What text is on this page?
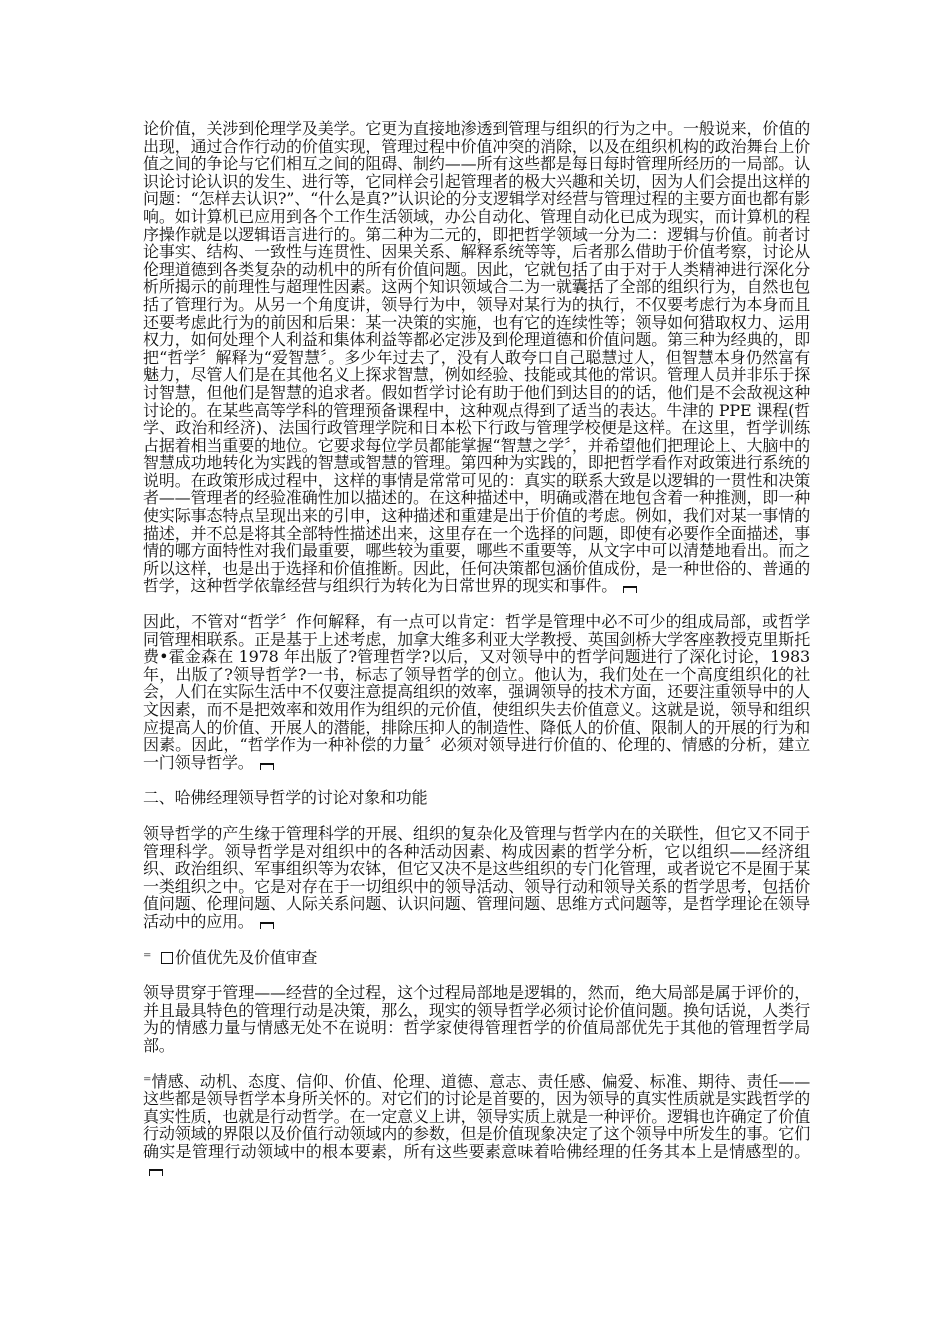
论价值，关涉到伦理学及美学。它更为直接地渗透到管理与组织的行为之中。一般说来，价值的出现，通过合作行动的价值实现，管理过程中价值冲突的消除，以及在组织机构的政治舞台上价值之间的争论与它们相互之间的阻碍、制约——所有这些都是每日每时管理所经历的一局部。认识论讨论认识的发生、进行等，它同样会引起管理者的极大兴趣和关切，因为人们会提出这样的问题：“怎样去认识?”、“什么是真?”认识论的分支逻辑学对经营与管理过程的主要方面也都有影响。如计算机已应用到各个工作生活领域，办公自动化、管理自动化已成为现实，而计算机的程序操作就是以逻辑语言进行的。第二种为二元的，即把哲学领域一分为二：逻辑与价值。前者讨论事实、结构、一致性与连贯性、因果关系、解释系统等等，后者那么借助于价值考察，讨论从伦理道德到各类复杂的动机中的所有价值问题。因此，它就包括了由于对于人类精神进行深化分析所揭示的前理性与超理性因素。这两个知识领域合二为一就囊括了全部的组织行为，自然也包括了管理行为。从另一个角度讲，领导行为中，领导对某行为的执行，不仅要考虑行为本身而且还要考虑此行为的前因和后果：某一决策的实施，也有它的连续性等；领导如何猎取权力、运用权力，如何处理个人利益和集体利益等都必定涉及到伦理道德和价值问题。第三种为经典的，即把“哲学〞解释为“爱智慧〞。多少年过去了，没有人敢夸口自己聪慧过人，但智慧本身仍然富有魅力，尽管人们是在其他名义上探求智慧，例如经验、技能或其他的常识。管理人员并非乐于探讨智慧，但他们是智慧的追求者。假如哲学讨论有助于他们到达目的的话，他们是不会敌视这种讨论的。在某些高等学科的管理预备课程中，这种观点得到了适当的表达。牛津的 PPE 课程(哲学、政治和经济)、法国行政管理学院和日本松下行政与管理学校便是这样。在这里，哲学训练占据着相当重要的地位。它要求每位学员都能掌握“智慧之学〞，并希望他们把理论上、大脑中的智慧成功地转化为实践的智慧或智慧的管理。第四种为实践的，即把哲学看作对政策进行系统的说明。在政策形成过程中，这样的事情是常常可见的：真实的联系大致是以逻辑的一贯性和决策者——管理者的经验准确性加以描述的。在这种描述中，明确或潜在地包含着一种推测，即一种使实际事态特点呈现出来的引申，这种描述和重建是出于价值的考虑。例如，我们对某一事情的描述，并不总是将其全部特性描述出来，这里存在一个选择的问题，即使有必要作全面描述，事情的哪方面特性对我们最重要，哪些较为重要，哪些不重要等，从文字中可以清楚地看出。而之所以这样，也是出于选择和价值推断。因此，任何决策都包涵价值成份，是一种世俗的、普通的哲学，这种哲学依靠经营与组织行为转化为日常世界的现实和事件。

因此，不管对“哲学〞作何解释，有一点可以肯定：哲学是管理中必不可少的组成局部，或哲学同管理相联系。正是基于上述考虑，加拿大维多利亚大学教授、英国剑桥大学客座教授克里斯托费•霍金森在 1978 年出版了?管理哲学?以后，又对领导中的哲学问题进行了深化讨论，1983 年，出版了?领导哲学?一书，标志了领导哲学的创立。他认为，我们处在一个高度组织化的社会，人们在实际生活中不仅要注意提高组织的效率，强调领导的技术方面，还要注重领导中的人文因素，而不是把效率和效用作为组织的元价值，使组织失去价值意义。这就是说，领导和组织应提高人的价值、开展人的潜能，排除压抑人的制造性、降低人的价值、限制人的开展的行为和因素。因此，“哲学作为一种补偿的力量〞必须对领导进行价值的、伦理的、情感的分析，建立一门领导哲学。

二、哈佛经理领导哲学的讨论对象和功能

领导哲学的产生缘于管理科学的开展、组织的复杂化及管理与哲学内在的关联性，但它又不同于管理科学。领导哲学是对组织中的各种活动因素、构成因素的哲学分析，它以组织——经济组织、政治组织、军事组织等为农钵，但它又决不是这些组织的专门化管理，或者说它不是囿于某一类组织之中。它是对存在于一切组织中的领导活动、领导行动和领导关系的哲学思考，包括价值问题、伦理问题、人际关系问题、认识问题、管理问题、思维方式问题等，是哲学理论在领导活动中的应用。

⁼ 价值优先及价值审查

领导贯穿于管理——经营的全过程，这个过程局部地是逻辑的，然而，绝大局部是属于评价的，并且最具特色的管理行动是决策，那么，现实的领导哲学必须讨论价值问题。换句话说，人类行为的情感力量与情感无处不在说明：哲学家使得管理哲学的价值局部优先于其他的管理哲学局部。

⁼情感、动机、态度、信仰、价值、伦理、道德、意志、责任感、偏爱、标准、期待、责任——这些都是领导哲学本身所关怀的。对它们的讨论是首要的，因为领导的真实性质就是实践哲学的真实性质，也就是行动哲学。在一定意义上讲，领导实质上就是一种评价。逻辑也许确定了价值行动领域的界限以及价值行动领域内的参数，但是价值现象决定了这个领导中所发生的事。它们确实是管理行动领域中的根本要素，所有这些要素意味着哈佛经理的任务其本上是情感型的。
